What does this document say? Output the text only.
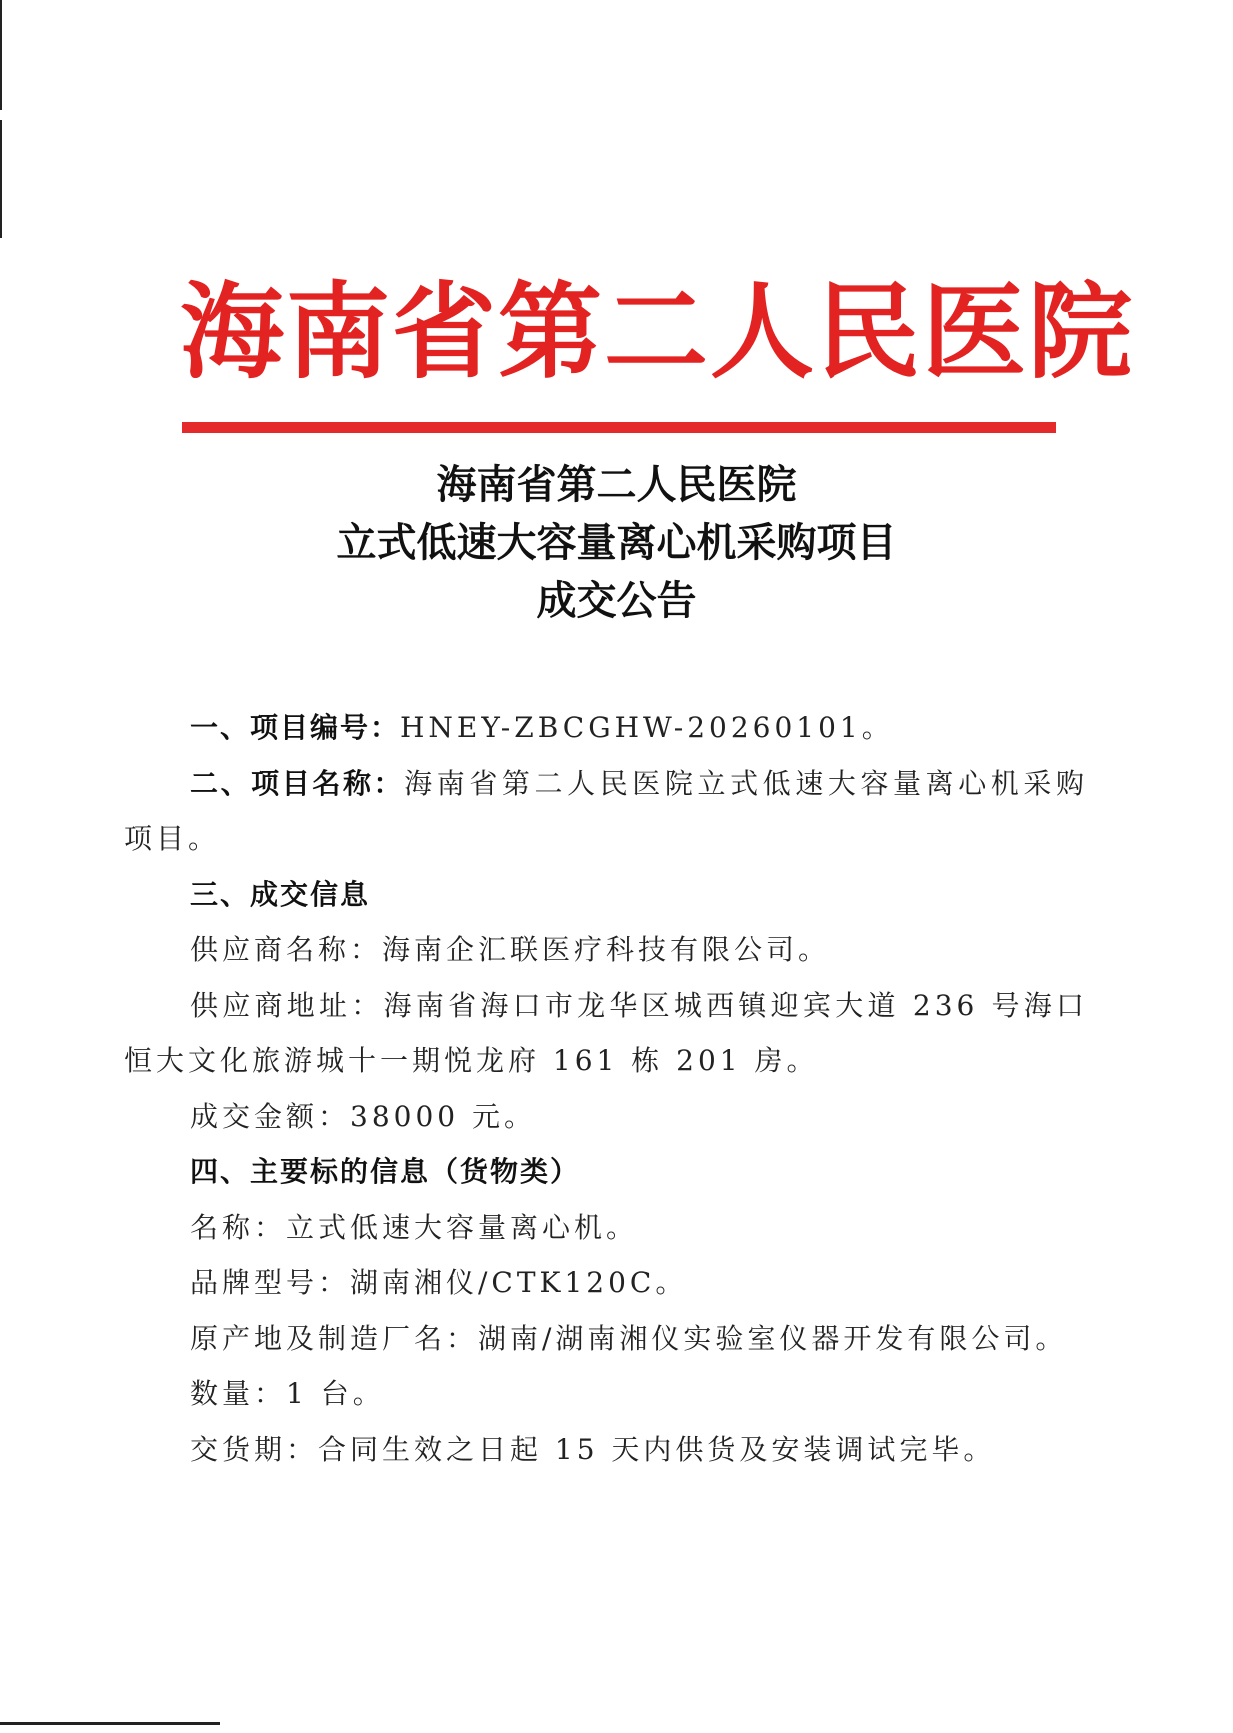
海南省第二人民医院
海南省第二人民医院
立式低速大容量离心机采购项目
成交公告

一、项目编号：HNEY-ZBCGHW-20260101。

二、项目名称：海南省第二人民医院立式低速大容量离心机采购项目。

三、成交信息

供应商名称：海南企汇联医疗科技有限公司。

供应商地址：海南省海口市龙华区城西镇迎宾大道 236 号海口恒大文化旅游城十一期悦龙府 161 栋 201 房。

成交金额：38000 元。

四、主要标的信息（货物类）

名称：立式低速大容量离心机。

品牌型号：湖南湘仪/CTK120C。

原产地及制造厂名：湖南/湖南湘仪实验室仪器开发有限公司。

数量：1 台。

交货期：合同生效之日起 15 天内供货及安装调试完毕。
